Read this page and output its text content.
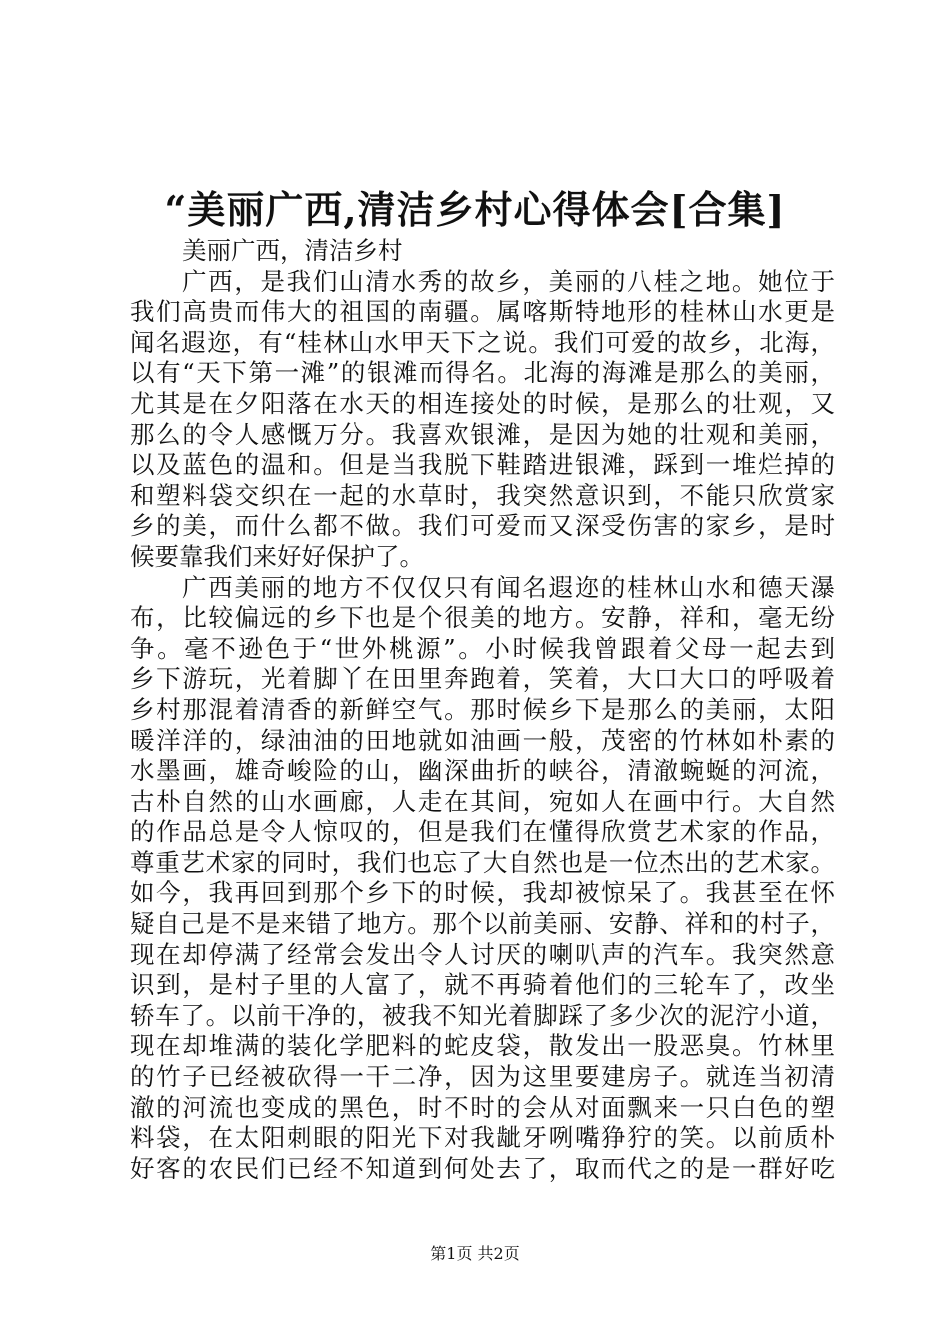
“美丽广西,清洁乡村心得体会[合集]
美丽广西，清洁乡村
广西，是我们山清水秀的故乡，美丽的八桂之地。她位于
我们高贵而伟大的祖国的南疆。属喀斯特地形的桂林山水更是
闻名遐迩，有“桂林山水甲天下之说。我们可爱的故乡，北海，
以有“天下第一滩”的银滩而得名。北海的海滩是那么的美丽，
尤其是在夕阳落在水天的相连接处的时候，是那么的壮观，又
那么的令人感慨万分。我喜欢银滩，是因为她的壮观和美丽，
以及蓝色的温和。但是当我脱下鞋踏进银滩，踩到一堆烂掉的
和塑料袋交织在一起的水草时，我突然意识到，不能只欣赏家
乡的美，而什么都不做。我们可爱而又深受伤害的家乡，是时
候要靠我们来好好保护了。
广西美丽的地方不仅仅只有闻名遐迩的桂林山水和德天瀑
布，比较偏远的乡下也是个很美的地方。安静，祥和，毫无纷
争。毫不逊色于“世外桃源”。小时候我曾跟着父母一起去到
乡下游玩，光着脚丫在田里奔跑着，笑着，大口大口的呼吸着
乡村那混着清香的新鲜空气。那时候乡下是那么的美丽，太阳
暖洋洋的，绿油油的田地就如油画一般，茂密的竹林如朴素的
水墨画，雄奇峻险的山，幽深曲折的峡谷，清澈蜿蜒的河流，
古朴自然的山水画廊，人走在其间，宛如人在画中行。大自然
的作品总是令人惊叹的，但是我们在懂得欣赏艺术家的作品，
尊重艺术家的同时，我们也忘了大自然也是一位杰出的艺术家。
如今，我再回到那个乡下的时候，我却被惊呆了。我甚至在怀
疑自己是不是来错了地方。那个以前美丽、安静、祥和的村子，
现在却停满了经常会发出令人讨厌的喇叭声的汽车。我突然意
识到，是村子里的人富了，就不再骑着他们的三轮车了，改坐
轿车了。以前干净的，被我不知光着脚踩了多少次的泥泞小道，
现在却堆满的装化学肥料的蛇皮袋，散发出一股恶臭。竹林里
的竹子已经被砍得一干二净，因为这里要建房子。就连当初清
澈的河流也变成的黑色，时不时的会从对面飘来一只白色的塑
料袋，在太阳刺眼的阳光下对我龇牙咧嘴狰狞的笑。以前质朴
好客的农民们已经不知道到何处去了，取而代之的是一群好吃
第1页 共2页
